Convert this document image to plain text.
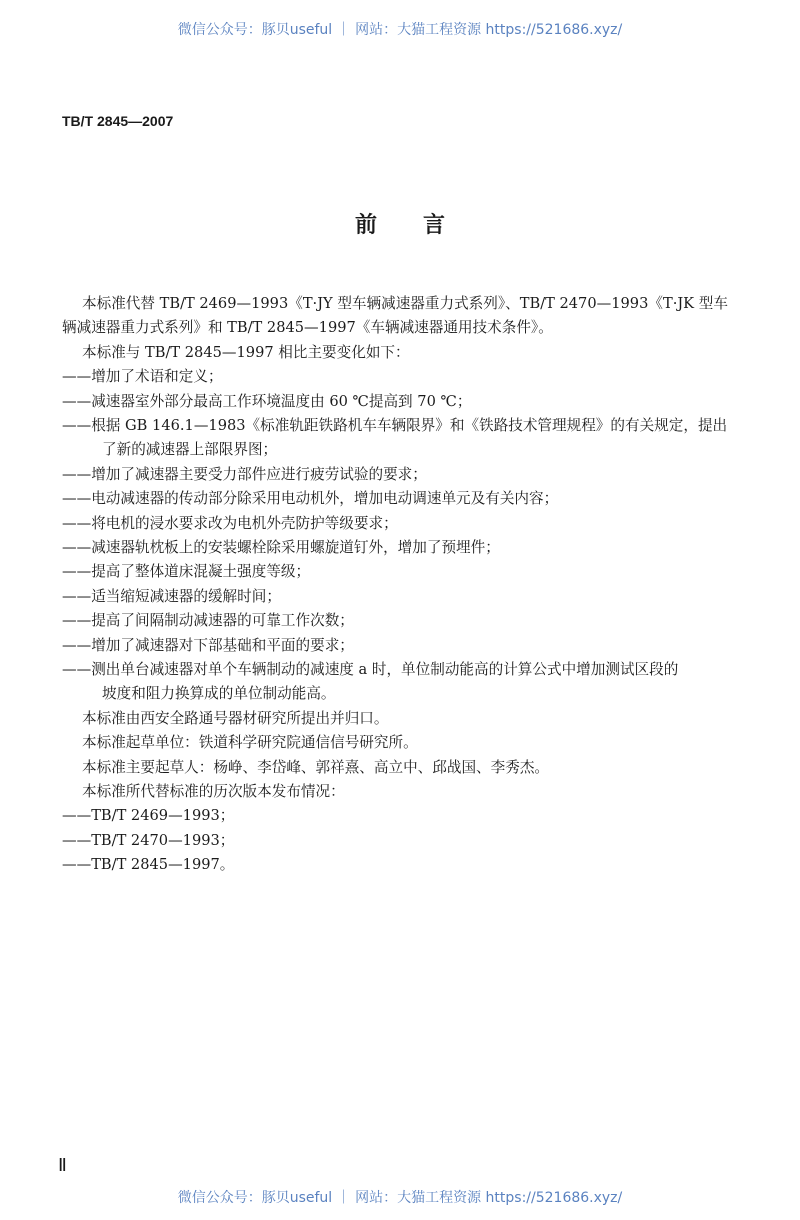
微信公众号：豚贝useful ｜ 网站：大猫工程资源 https://521686.xyz/
TB/T 2845—2007
前言
本标准代替 TB/T 2469—1993《T·JY 型车辆减速器重力式系列》、TB/T 2470—1993《T·JK 型车
辆减速器重力式系列》和 TB/T 2845—1997《车辆减速器通用技术条件》。
本标准与 TB/T 2845—1997 相比主要变化如下：
——增加了术语和定义；
——减速器室外部分最高工作环境温度由 60 ℃提高到 70 ℃；
——根据 GB 146.1—1983《标准轨距铁路机车车辆限界》和《铁路技术管理规程》的有关规定，提出
了新的减速器上部限界图；
——增加了减速器主要受力部件应进行疲劳试验的要求；
——电动减速器的传动部分除采用电动机外，增加电动调速单元及有关内容；
——将电机的浸水要求改为电机外壳防护等级要求；
——减速器轨枕板上的安装螺栓除采用螺旋道钉外，增加了预埋件；
——提高了整体道床混凝土强度等级；
——适当缩短减速器的缓解时间；
——提高了间隔制动减速器的可靠工作次数；
——增加了减速器对下部基础和平面的要求；
——测出单台减速器对单个车辆制动的减速度 a 时，单位制动能高的计算公式中增加测试区段的
坡度和阻力换算成的单位制动能高。
本标准由西安全路通号器材研究所提出并归口。
本标准起草单位：铁道科学研究院通信信号研究所。
本标准主要起草人：杨峥、李岱峰、郭祥熹、高立中、邱战国、李秀杰。
本标准所代替标准的历次版本发布情况：
——TB/T 2469—1993；
——TB/T 2470—1993；
——TB/T 2845—1997。
Ⅱ
微信公众号：豚贝useful ｜ 网站：大猫工程资源 https://521686.xyz/
